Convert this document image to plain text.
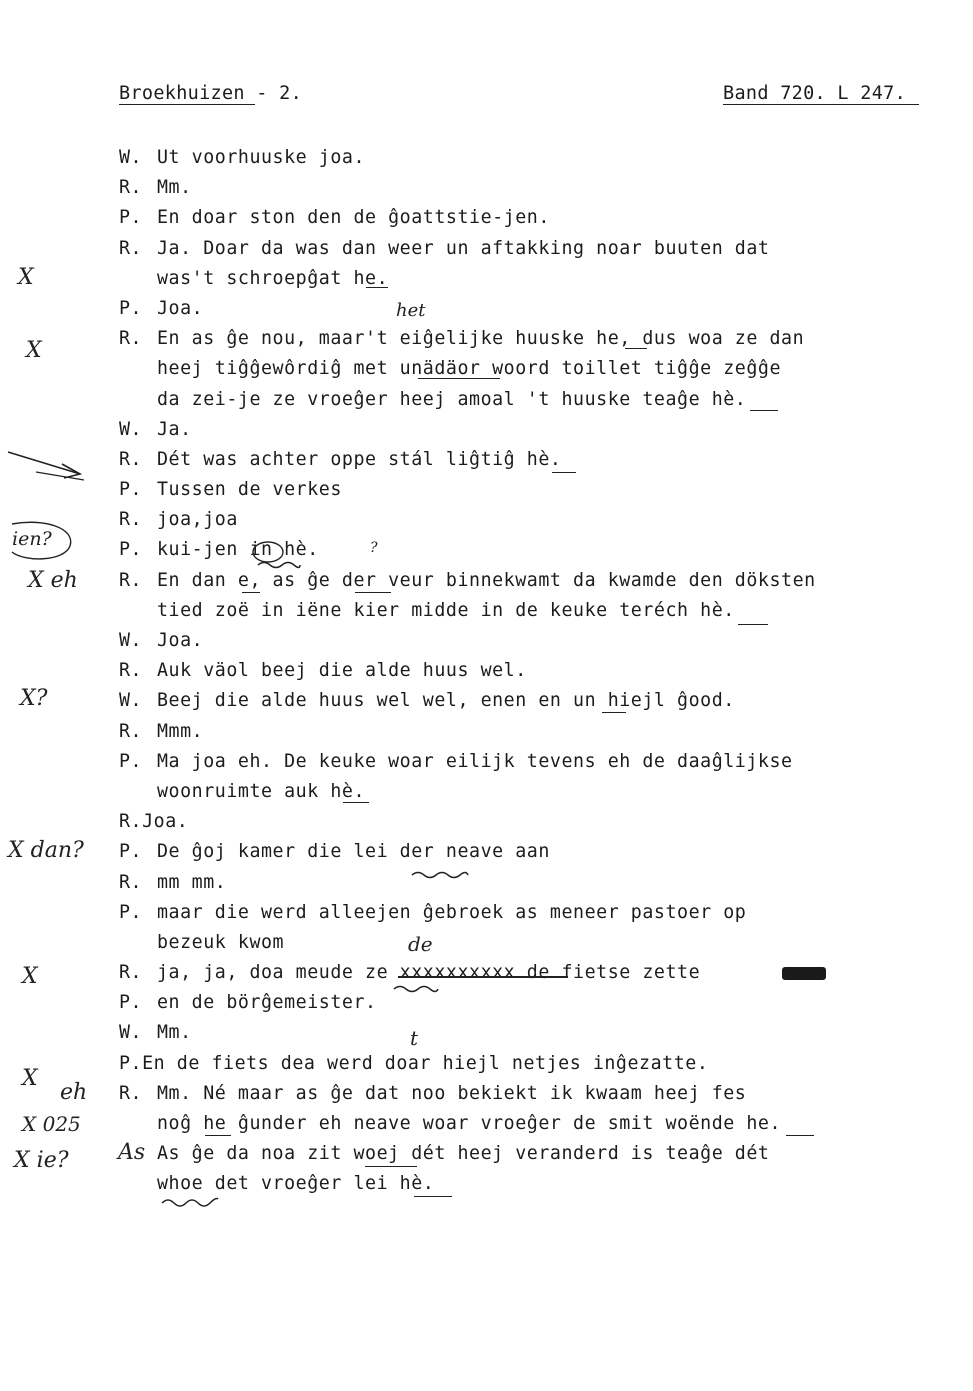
Broekhuizen - 2.	Band 720. L 247.
W. Ut voorhuuske joa.
R. Mm.
P. En doar ston den de ĝoattstie-jen.
R. Ja. Doar da was dan weer un aftakking noar buuten dat
was't schroepĝat he.
P. Joa.
R. En as ĝe nou, maar't eiĝelijke huuske he, dus woa ze dan
heej tiĝĝewôrdiĝ met unädäor woord toillet tiĝĝe zeĝĝe
da zei-je ze vroeĝer heej amoal 't huuske teaĝe hè.
W. Ja.
R. Dét was achter oppe stál liĝtiĝ hè.
P. Tussen de verkes
R. joa,joa
P. kui-jen in hè.
R. En dan e, as ĝe der veur binnekwamt da kwamde den döksten
tied zoë in iëne kier midde in de keuke teréch hè.
W. Joa.
R. Auk väol beej die alde huus wel.
W. Beej die alde huus wel wel, enen en un hiejl ĝood.
R. Mmm.
P. Ma joa eh. De keuke woar eilijk tevens eh de daaĝlijkse
woonruimte auk hè.
R.Joa.
P. De ĝoj kamer die lei der neave aan
R. mm mm.
P. maar die werd alleejen ĝebroek as meneer pastoer op
bezeuk kwom
R. ja, ja, doa meude ze xxxxxxxxxx de fietse zette
P. en de börĝemeister.
W. Mm.
P.En de fiets dea werd doar hiejl netjes inĝezatte.
R. Mm. Né maar as ĝe dat noo bekiekt ik kwaam heej fes
noĝ he ĝunder eh neave woar vroeĝer de smit woënde he.
As ĝe da noa zit woej dét heej veranderd is teaĝe dét
whoe det vroeĝer lei hè.
X
X
ien?
X eh
X?
X dan?
X
X
eh
X 025
X ie?
het
de
t
As
?
